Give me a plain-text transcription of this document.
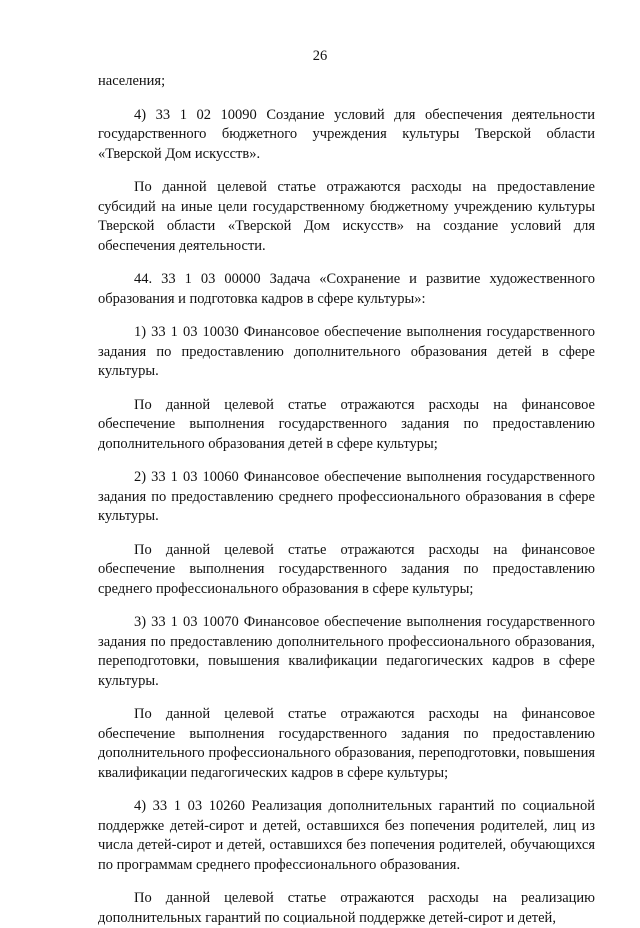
26

населения;

4) 33 1 02 10090 Создание условий для обеспечения деятельности государственного бюджетного учреждения культуры Тверской области «Тверской Дом искусств».

По данной целевой статье отражаются расходы на предоставление субсидий на иные цели государственному бюджетному учреждению культуры Тверской области «Тверской Дом искусств» на создание условий для обеспечения деятельности.

44. 33 1 03 00000 Задача «Сохранение и развитие художественного образования и подготовка кадров в сфере культуры»:

1) 33 1 03 10030 Финансовое обеспечение выполнения государственного задания по предоставлению дополнительного образования детей в сфере культуры.

По данной целевой статье отражаются расходы на финансовое обеспечение выполнения государственного задания по предоставлению дополнительного образования детей в сфере культуры;

2) 33 1 03 10060 Финансовое обеспечение выполнения государственного задания по предоставлению среднего профессионального образования в сфере культуры.

По данной целевой статье отражаются расходы на финансовое обеспечение выполнения государственного задания по предоставлению среднего профессионального образования в сфере культуры;

3) 33 1 03 10070 Финансовое обеспечение выполнения государственного задания по предоставлению дополнительного профессионального образования, переподготовки, повышения квалификации педагогических кадров в сфере культуры.

По данной целевой статье отражаются расходы на финансовое обеспечение выполнения государственного задания по предоставлению дополнительного профессионального образования, переподготовки, повышения квалификации педагогических кадров в сфере культуры;

4) 33 1 03 10260 Реализация дополнительных гарантий по социальной поддержке детей-сирот и детей, оставшихся без попечения родителей, лиц из числа детей-сирот и детей, оставшихся без попечения родителей, обучающихся по программам среднего профессионального образования.

По данной целевой статье отражаются расходы на реализацию дополнительных гарантий по социальной поддержке детей-сирот и детей,
